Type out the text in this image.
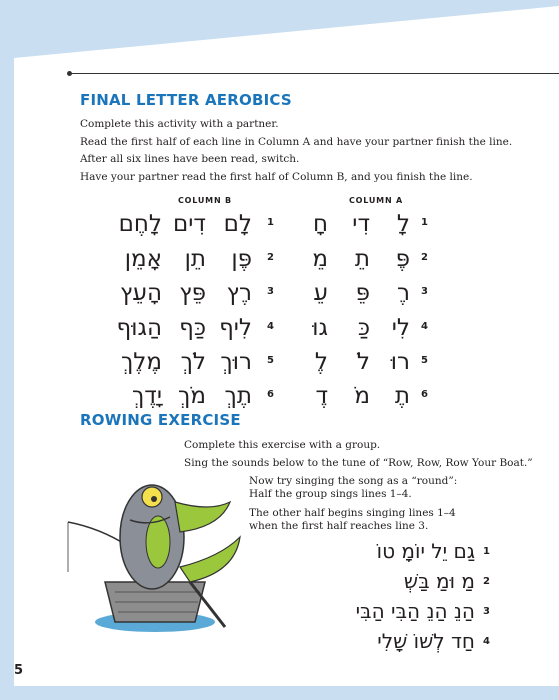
FINAL LETTER AEROBICS
Complete this activity with a partner.
Read the first half of each line in Column A and have your partner finish the line.
After all six lines have been read, switch.
Have your partner read the first half of Column B, and you finish the line.
COLUMN B	COLUMN A
1
לָ
דִי
חָ
2
פֶּ
תֵ
מֵ
3
רֶ
פֵּ
עֵ
4
לִי
כַּ
גוּ
5
רוּ
לֹ
לֶ
6
תֶ
מֹ
דֶ
1
לָם
דִים
לָחֶם
2
פֶּן
תֵן
אָמֵן
3
רֶץ
פֵּץ
הָעֵץ
4
לִיף
כַּף
הַגוּף
5
רוּךְ
לֹךְ
מֶלֶךְ
6
תֶךְ
מֹךְ
יָדֶךְ
ROWING EXERCISE
Complete this exercise with a group.
Sing the sounds below to the tune of “Row, Row, Row Your Boat.”
Now try singing the song as a “round”:
Half the group sings lines 1–4.
The other half begins singing lines 1–4
when the first half reaches line 3.
1
גַם יֵל יוֹמָ טוֹ
2
מַ וּמַ בַּשְׁ
3
הַנֵ הַנֵ הַבִּי הַבִּי
4
חַד לְשׁוֹ שָׁלִי
5
